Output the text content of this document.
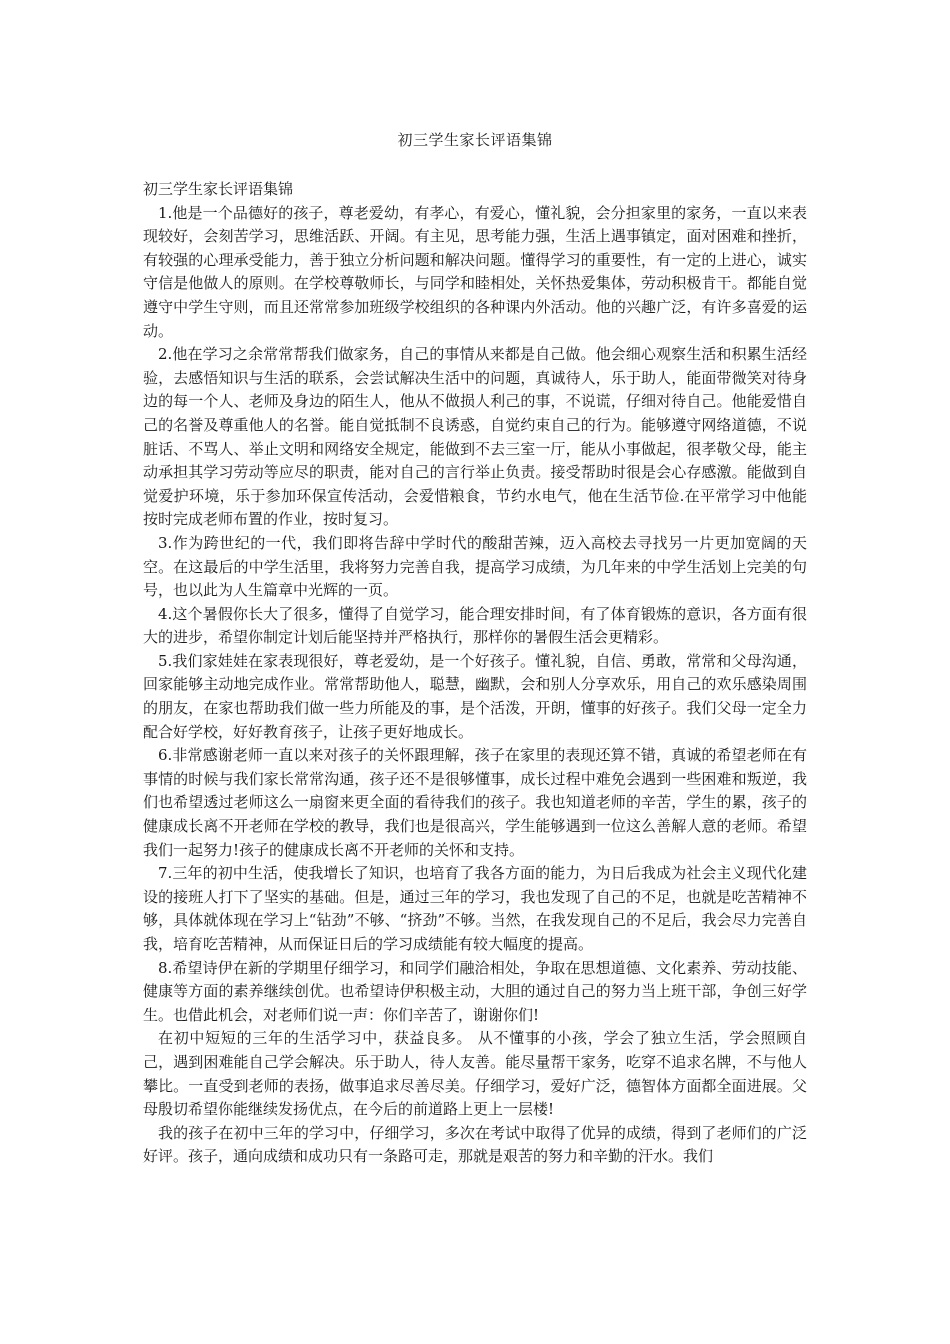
初三学生家长评语集锦

初三学生家长评语集锦

1.他是一个品德好的孩子，尊老爱幼，有孝心，有爱心，懂礼貌，会分担家里的家务，一直以来表现较好，会刻苦学习，思维活跃、开阔。有主见，思考能力强，生活上遇事镇定，面对困难和挫折，有较强的心理承受能力，善于独立分析问题和解决问题。懂得学习的重要性，有一定的上进心，诚实守信是他做人的原则。在学校尊敬师长，与同学和睦相处，关怀热爱集体，劳动积极肯干。都能自觉遵守中学生守则，而且还常常参加班级学校组织的各种课内外活动。他的兴趣广泛，有许多喜爱的运动。

2.他在学习之余常常帮我们做家务，自己的事情从来都是自己做。他会细心观察生活和积累生活经验，去感悟知识与生活的联系，会尝试解决生活中的问题，真诚待人，乐于助人，能面带微笑对待身边的每一个人、老师及身边的陌生人，他从不做损人利己的事，不说谎，仔细对待自己。他能爱惜自己的名誉及尊重他人的名誉。能自觉抵制不良诱惑，自觉约束自己的行为。能够遵守网络道德，不说脏话、不骂人、举止文明和网络安全规定，能做到不去三室一厅，能从小事做起，很孝敬父母，能主动承担其学习劳动等应尽的职责，能对自己的言行举止负责。接受帮助时很是会心存感激。能做到自觉爱护环境，乐于参加环保宣传活动，会爱惜粮食，节约水电气，他在生活节俭.在平常学习中他能按时完成老师布置的作业，按时复习。

3.作为跨世纪的一代，我们即将告辞中学时代的酸甜苦辣，迈入高校去寻找另一片更加宽阔的天空。在这最后的中学生活里，我将努力完善自我，提高学习成绩，为几年来的中学生活划上完美的句号，也以此为人生篇章中光辉的一页。

4.这个暑假你长大了很多，懂得了自觉学习，能合理安排时间，有了体育锻炼的意识，各方面有很大的进步，希望你制定计划后能坚持并严格执行，那样你的暑假生活会更精彩。

5.我们家娃娃在家表现很好，尊老爱幼，是一个好孩子。懂礼貌，自信、勇敢，常常和父母沟通，回家能够主动地完成作业。常常帮助他人，聪慧，幽默，会和别人分享欢乐，用自己的欢乐感染周围的朋友，在家也帮助我们做一些力所能及的事，是个活泼，开朗，懂事的好孩子。我们父母一定全力配合好学校，好好教育孩子，让孩子更好地成长。

6.非常感谢老师一直以来对孩子的关怀跟理解，孩子在家里的表现还算不错，真诚的希望老师在有事情的时候与我们家长常常沟通，孩子还不是很够懂事，成长过程中难免会遇到一些困难和叛逆，我们也希望透过老师这么一扇窗来更全面的看待我们的孩子。我也知道老师的辛苦，学生的累，孩子的健康成长离不开老师在学校的教导，我们也是很高兴，学生能够遇到一位这么善解人意的老师。希望我们一起努力!孩子的健康成长离不开老师的关怀和支持。

7.三年的初中生活，使我增长了知识，也培育了我各方面的能力，为日后我成为社会主义现代化建设的接班人打下了坚实的基础。但是，通过三年的学习，我也发现了自己的不足，也就是吃苦精神不够，具体就体现在学习上“钻劲”不够、“挤劲”不够。当然，在我发现自己的不足后，我会尽力完善自我，培育吃苦精神，从而保证日后的学习成绩能有较大幅度的提高。

8.希望诗伊在新的学期里仔细学习，和同学们融洽相处，争取在思想道德、文化素养、劳动技能、健康等方面的素养继续创优。也希望诗伊积极主动，大胆的通过自己的努力当上班干部，争创三好学生。也借此机会，对老师们说一声：你们辛苦了，谢谢你们!

在初中短短的三年的生活学习中，获益良多。 从不懂事的小孩，学会了独立生活，学会照顾自己，遇到困难能自己学会解决。乐于助人，待人友善。能尽量帮干家务，吃穿不追求名牌，不与他人攀比。一直受到老师的表扬，做事追求尽善尽美。仔细学习，爱好广泛，德智体方面都全面进展。父母殷切希望你能继续发扬优点，在今后的前道路上更上一层楼!

我的孩子在初中三年的学习中，仔细学习，多次在考试中取得了优异的成绩，得到了老师们的广泛好评。孩子，通向成绩和成功只有一条路可走，那就是艰苦的努力和辛勤的汗水。我们
